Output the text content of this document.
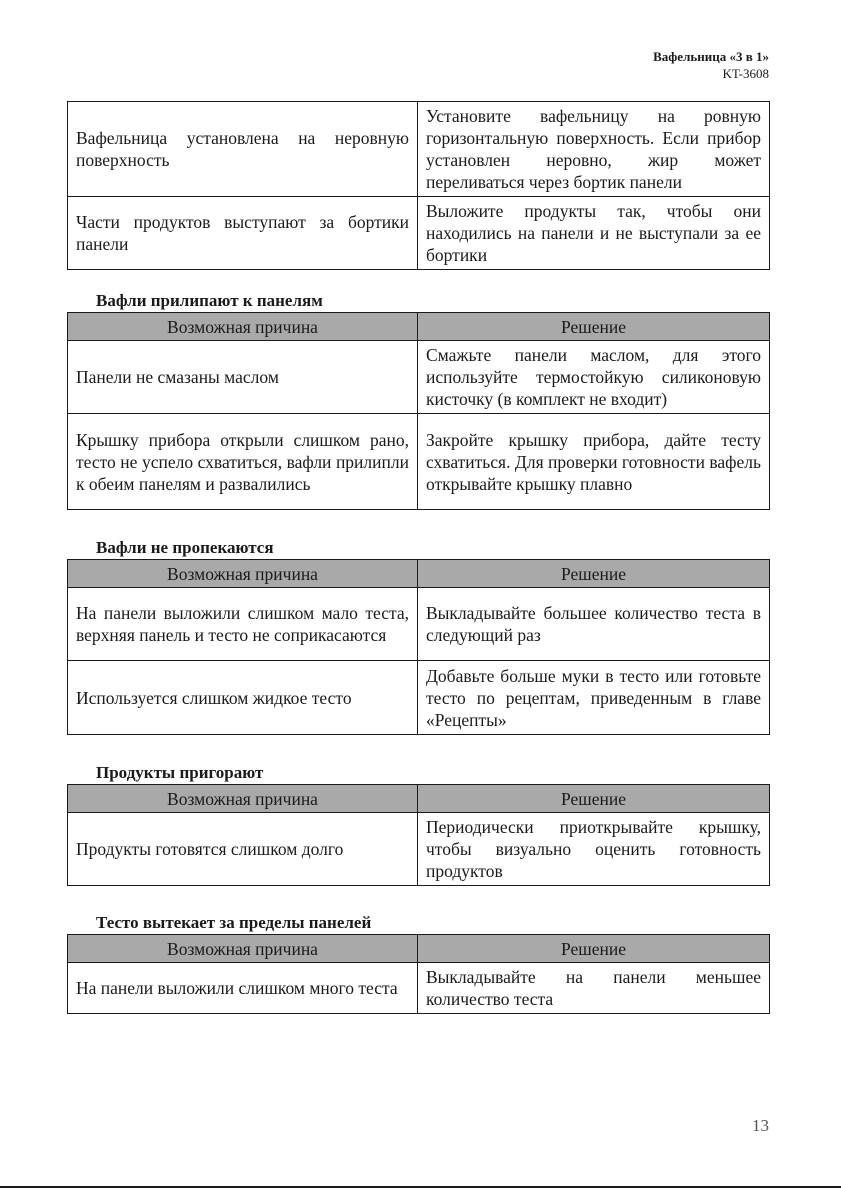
Вафельница «3 в 1»
KT-3608
Вафельница установлена на неровную поверхность	Установите вафельницу на ровную горизонтальную поверхность. Если прибор установлен неровно, жир может переливаться через бортик панели
Части продуктов выступают за бортики панели	Выложите продукты так, чтобы они находились на панели и не выступали за ее бортики
Вафли прилипают к панелям
Возможная причина	Решение
Панели не смазаны маслом	Смажьте панели маслом, для этого используйте термостойкую силиконовую кисточку (в комплект не входит)
Крышку прибора открыли слишком рано, тесто не успело схватиться, вафли прилипли к обеим панелям и развалились	Закройте крышку прибора, дайте тесту схватиться. Для проверки готовности вафель открывайте крышку плавно
Вафли не пропекаются
Возможная причина	Решение
На панели выложили слишком мало теста, верхняя панель и тесто не соприкасаются	Выкладывайте большее количество теста в следующий раз
Используется слишком жидкое тесто	Добавьте больше муки в тесто или готовьте тесто по рецептам, приведенным в главе «Рецепты»
Продукты пригорают
Возможная причина	Решение
Продукты готовятся слишком долго	Периодически приоткрывайте крышку, чтобы визуально оценить готовность продуктов
Тесто вытекает за пределы панелей
Возможная причина	Решение
На панели выложили слишком много теста	Выкладывайте на панели меньшее количество теста
13
